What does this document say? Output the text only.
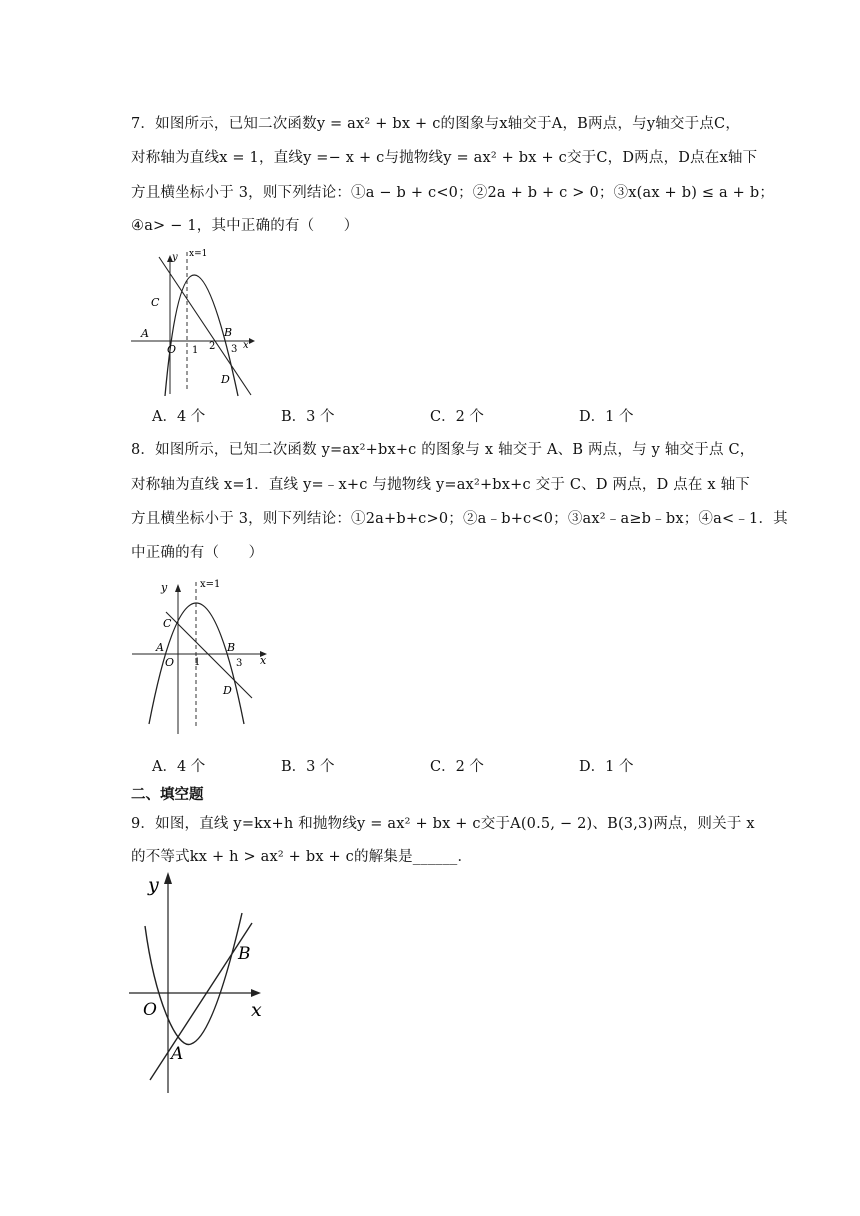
7．如图所示，已知二次函数y = ax² + bx + c的图象与x轴交于A，B两点，与y轴交于点C，
对称轴为直线x = 1，直线y =− x + c与抛物线y = ax² + bx + c交于C，D两点，D点在x轴下
方且横坐标小于 3，则下列结论：①a − b + c<0；②2a + b + c > 0；③x(ax + b) ≤ a + b；
④a> − 1，其中正确的有（　　）
x=1
y
x
C
A
O 1 2 3
B
D
A．4 个	B．3 个	C．2 个	D．1 个
8．如图所示，已知二次函数 y=ax²+bx+c 的图象与 x 轴交于 A、B 两点，与 y 轴交于点 C，
对称轴为直线 x=1．直线 y=﹣x+c 与抛物线 y=ax²+bx+c 交于 C、D 两点，D 点在 x 轴下
方且横坐标小于 3，则下列结论：①2a+b+c>0；②a﹣b+c<0；③ax²﹣a≥b﹣bx；④a<﹣1．其
中正确的有（　　）
x=1
y
x
C
A
O 1
B
3
D
A．4 个	B．3 个	C．2 个	D．1 个
二、填空题
9．如图，直线 y=kx+h 和抛物线y = ax² + bx + c交于A(0.5, − 2)、B(3,3)两点，则关于 x
的不等式kx + h > ax² + bx + c的解集是______．
y
x
O
A
B
